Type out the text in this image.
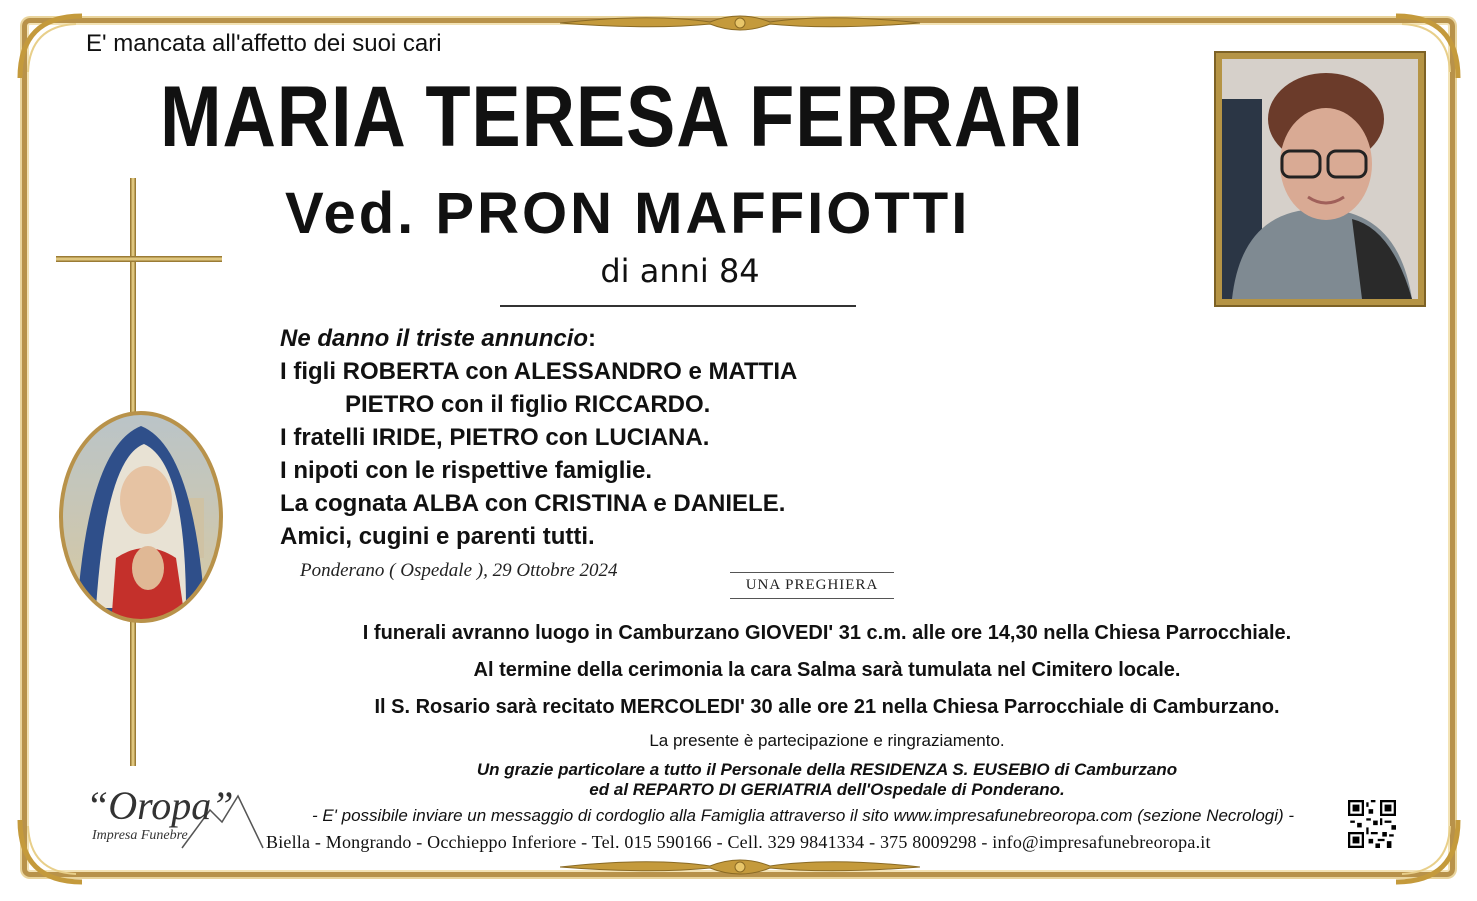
E' mancata all'affetto dei suoi cari
MARIA TERESA FERRARI
Ved. PRON MAFFIOTTI
di anni 84
Ne danno il triste annuncio:
I figli ROBERTA con ALESSANDRO e MATTIA
PIETRO con il figlio RICCARDO.
I fratelli IRIDE, PIETRO con LUCIANA.
I nipoti con le rispettive famiglie.
La cognata ALBA con CRISTINA e DANIELE.
Amici, cugini e parenti tutti.
Ponderano ( Ospedale ), 29 Ottobre 2024
UNA PREGHIERA
I funerali avranno luogo in Camburzano GIOVEDI' 31 c.m. alle ore 14,30 nella Chiesa Parrocchiale.
Al termine della cerimonia la cara Salma sarà tumulata nel Cimitero locale.
Il S. Rosario sarà recitato MERCOLEDI' 30 alle ore 21 nella Chiesa Parrocchiale di Camburzano.
La presente è partecipazione e ringraziamento.
Un grazie particolare a tutto il Personale della RESIDENZA S. EUSEBIO di Camburzano
ed al REPARTO DI GERIATRIA dell'Ospedale di Ponderano.
- E' possibile inviare un messaggio di cordoglio alla Famiglia attraverso il sito www.impresafunebreoropa.com (sezione Necrologi) -
Biella - Mongrando - Occhieppo Inferiore - Tel. 015 590166 - Cell. 329 9841334 - 375 8009298 - info@impresafunebreoropa.it
“Oropa”
Impresa Funebre
